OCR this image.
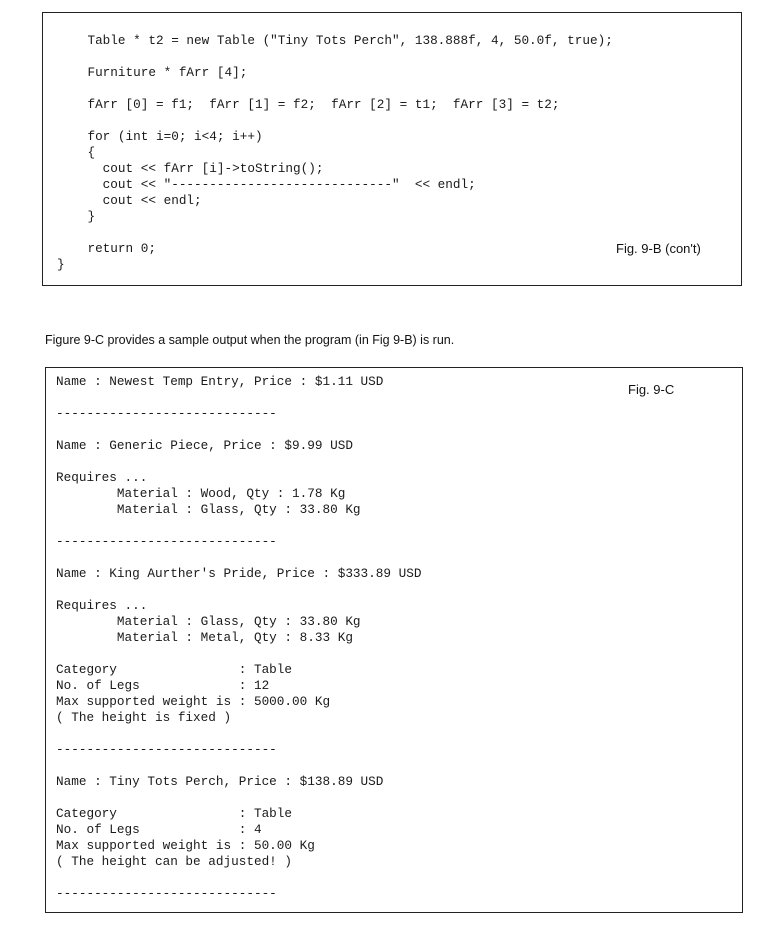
Table * t2 = new Table ("Tiny Tots Perch", 138.888f, 4, 50.0f, true);
Furniture * fArr [4];
fArr [0] = f1;  fArr [1] = f2;  fArr [2] = t1;  fArr [3] = t2;
for (int i=0; i<4; i++)
{
cout << fArr [i]->toString();
cout << "-----------------------------"  << endl;
cout << endl;
}
return 0;
}
Fig. 9-B (con't)
Figure 9-C provides a sample output when the program (in Fig 9-B) is run.
Name : Newest Temp Entry, Price : $1.11 USD
-----------------------------
Name : Generic Piece, Price : $9.99 USD
Requires ...
Material : Wood, Qty : 1.78 Kg
Material : Glass, Qty : 33.80 Kg
-----------------------------
Name : King Aurther's Pride, Price : $333.89 USD
Requires ...
Material : Glass, Qty : 33.80 Kg
Material : Metal, Qty : 8.33 Kg
Category                : Table
No. of Legs             : 12
Max supported weight is : 5000.00 Kg
( The height is fixed )
-----------------------------
Name : Tiny Tots Perch, Price : $138.89 USD
Category                : Table
No. of Legs             : 4
Max supported weight is : 50.00 Kg
( The height can be adjusted! )
-----------------------------
Fig. 9-C
